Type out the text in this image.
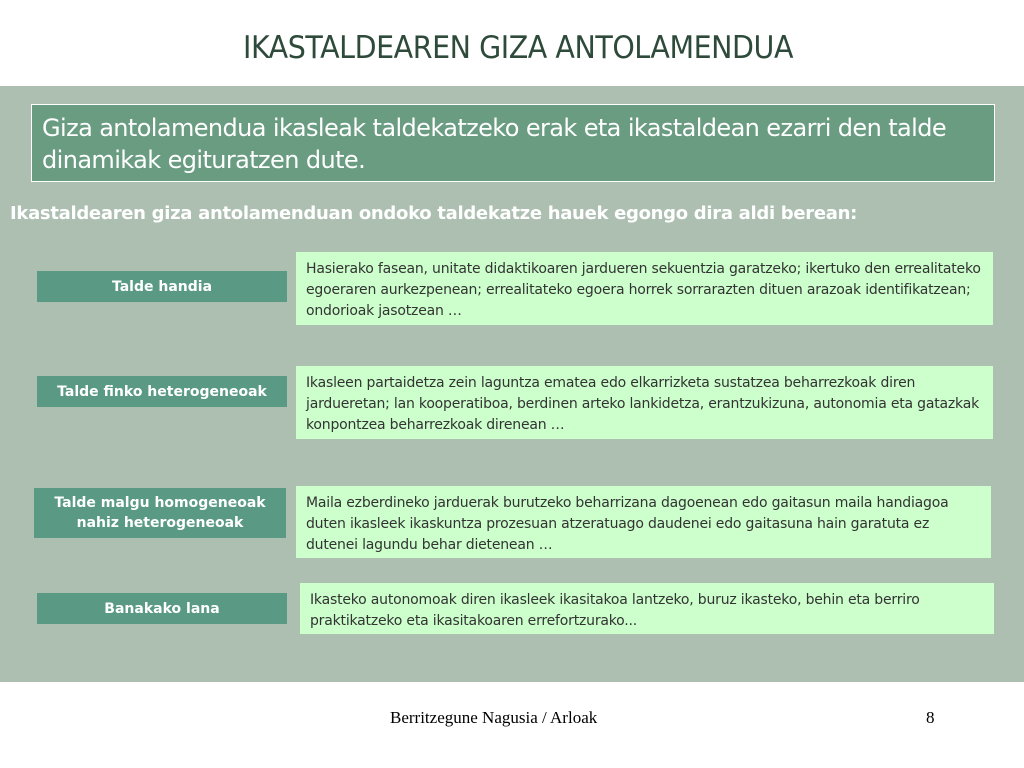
IKASTALDEAREN GIZA ANTOLAMENDUA
Giza antolamendua ikasleak taldekatzeko erak eta ikastaldean ezarri den talde dinamikak egituratzen dute.
Ikastaldearen giza antolamenduan ondoko taldekatze hauek egongo dira aldi berean:
Talde handia
Hasierako fasean, unitate didaktikoaren jardueren sekuentzia garatzeko; ikertuko den errealitateko egoeraren aurkezpenean; errealitateko egoera horrek sorrarazten dituen arazoak identifikatzean; ondorioak jasotzean …
Talde finko heterogeneoak
Ikasleen partaidetza zein laguntza ematea edo elkarrizketa sustatzea beharrezkoak diren jardueretan; lan kooperatiboa, berdinen arteko lankidetza, erantzukizuna, autonomia eta gatazkak konpontzea beharrezkoak direnean …
Talde malgu homogeneoak nahiz heterogeneoak
Maila ezberdineko jarduerak burutzeko beharrizana dagoenean edo gaitasun maila handiagoa duten ikasleek ikaskuntza prozesuan atzeratuago daudenei edo gaitasuna hain garatuta ez dutenei lagundu behar dietenean …
Banakako lana
Ikasteko autonomoak diren ikasleek ikasitakoa lantzeko, buruz ikasteko, behin eta berriro praktikatzeko eta ikasitakoaren errefortzurako...
Berritzegune Nagusia / Arloak	8
